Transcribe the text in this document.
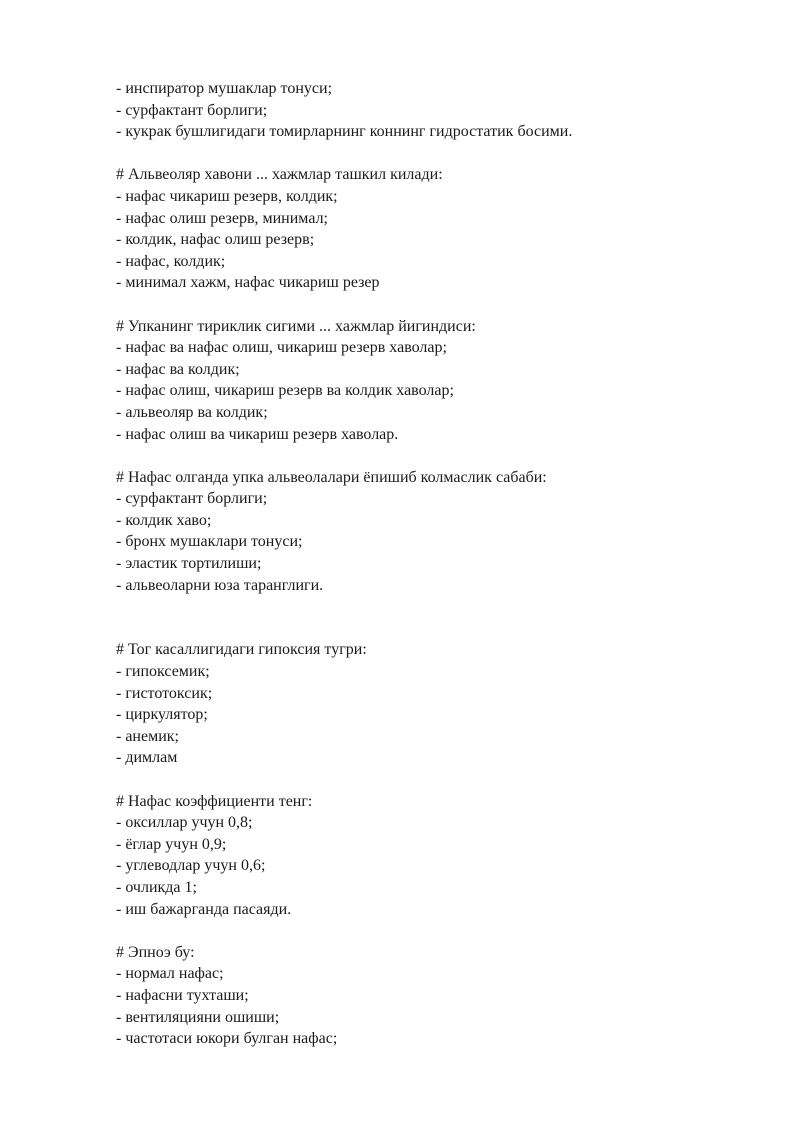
- инспиратор мушаклар тонуси;
- сурфактант борлиги;
- кукрак бушлигидаги томирларнинг коннинг гидростатик босими.
# Альвеоляр хавони ... хажмлар ташкил килади:
- нафас чикариш резерв, колдик;
- нафас олиш резерв, минимал;
- колдик, нафас олиш резерв;
- нафас, колдик;
- минимал хажм, нафас чикариш резер
# Упканинг тириклик сигими ... хажмлар йигиндиси:
- нафас ва нафас олиш, чикариш резерв хаволар;
- нафас ва колдик;
- нафас олиш, чикариш резерв ва колдик хаволар;
- альвеоляр ва колдик;
- нафас олиш ва чикариш резерв хаволар.
# Нафас олганда упка альвеолалари ёпишиб колмаслик сабаби:
- сурфактант борлиги;
- колдик хаво;
- бронх мушаклари тонуси;
- эластик тортилиши;
- альвеоларни юза таранглиги.
# Тог касаллигидаги гипоксия тугри:
- гипоксемик;
- гистотоксик;
- циркулятор;
- анемик;
- димлам
# Нафас коэффициенти тенг:
- оксиллар учун 0,8;
- ёглар учун 0,9;
- углеводлар учун 0,6;
- очликда 1;
- иш бажарганда пасаяди.
# Эпноэ бу:
- нормал нафас;
- нафасни тухташи;
- вентиляцияни ошиши;
- частотаси юкори булган нафас;
